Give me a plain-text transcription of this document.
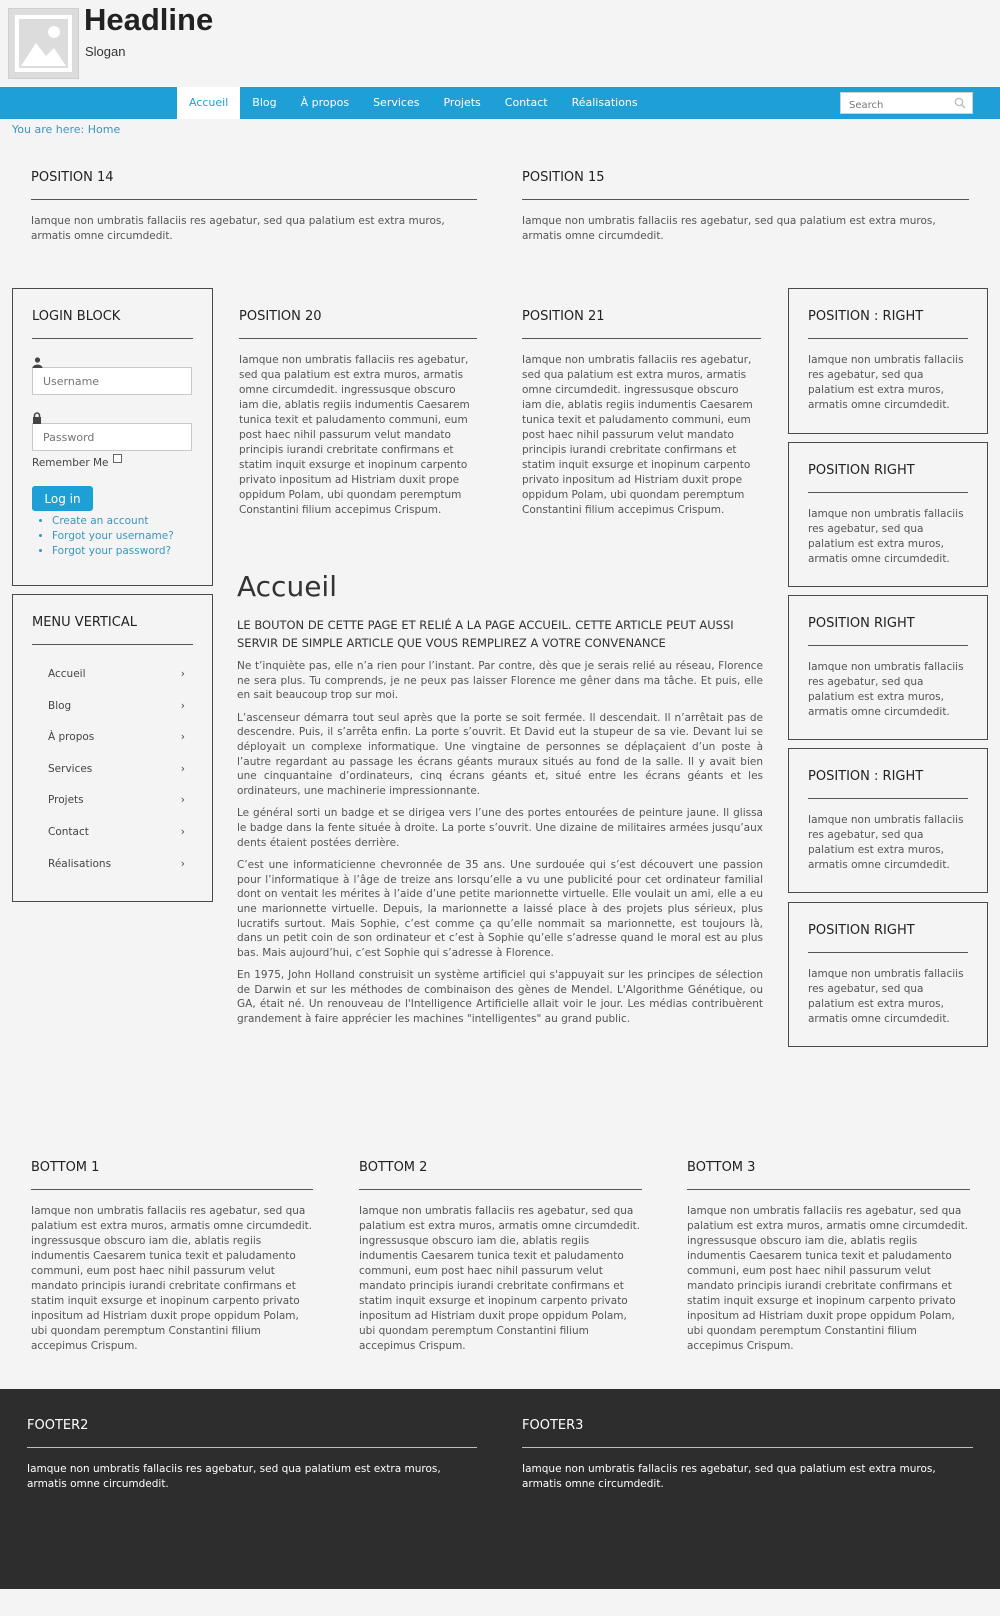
Headline
Slogan
Accueil	Blog	À propos	Services	Projets	Contact	Réalisations
Search
You are here: Home
POSITION 14
Iamque non umbratis fallaciis res agebatur, sed qua palatium est extra muros, armatis omne circumdedit.
POSITION 15
Iamque non umbratis fallaciis res agebatur, sed qua palatium est extra muros, armatis omne circumdedit.
LOGIN BLOCK
Username
Remember Me
Log in
• Create an account
• Forgot your username?
• Forgot your password?
MENU VERTICAL
Accueil	›
Blog	›
À propos	›
Services	›
Projets	›
Contact	›
Réalisations	›
POSITION 20
Iamque non umbratis fallaciis res agebatur, sed qua palatium est extra muros, armatis omne circumdedit. ingressusque obscuro iam die, ablatis regiis indumentis Caesarem tunica texit et paludamento communi, eum post haec nihil passurum velut mandato principis iurandi crebritate confirmans et statim inquit exsurge et inopinum carpento privato inpositum ad Histriam duxit prope oppidum Polam, ubi quondam peremptum Constantini filium accepimus Crispum.
POSITION 21
Iamque non umbratis fallaciis res agebatur, sed qua palatium est extra muros, armatis omne circumdedit. ingressusque obscuro iam die, ablatis regiis indumentis Caesarem tunica texit et paludamento communi, eum post haec nihil passurum velut mandato principis iurandi crebritate confirmans et statim inquit exsurge et inopinum carpento privato inpositum ad Histriam duxit prope oppidum Polam, ubi quondam peremptum Constantini filium accepimus Crispum.
Accueil
LE BOUTON DE CETTE PAGE ET RELIÉ A LA PAGE ACCUEIL. CETTE ARTICLE PEUT AUSSI SERVIR DE SIMPLE ARTICLE QUE VOUS REMPLIREZ A VOTRE CONVENANCE

Ne t’inquiète pas, elle n’a rien pour l’instant. Par contre, dès que je serais relié au réseau, Florence ne sera plus. Tu comprends, je ne peux pas laisser Florence me gêner dans ma tâche. Et puis, elle en sait beaucoup trop sur moi.

L’ascenseur démarra tout seul après que la porte se soit fermée. Il descendait. Il n’arrêtait pas de descendre. Puis, il s’arrêta enfin. La porte s’ouvrit. Et David eut la stupeur de sa vie. Devant lui se déployait un complexe informatique. Une vingtaine de personnes se déplaçaient d’un poste à l’autre regardant au passage les écrans géants muraux situés au fond de la salle. Il y avait bien une cinquantaine d’ordinateurs, cinq écrans géants et, situé entre les écrans géants et les ordinateurs, une machinerie impressionnante.

Le général sorti un badge et se dirigea vers l’une des portes entourées de peinture jaune. Il glissa le badge dans la fente située à droite. La porte s’ouvrit. Une dizaine de militaires armées jusqu’aux dents étaient postées derrière.

C’est une informaticienne chevronnée de 35 ans. Une surdouée qui s’est découvert une passion pour l’informatique à l’âge de treize ans lorsqu’elle a vu une publicité pour cet ordinateur familial dont on ventait les mérites à l’aide d’une petite marionnette virtuelle. Elle voulait un ami, elle a eu une marionnette virtuelle. Depuis, la marionnette a laissé place à des projets plus sérieux, plus lucratifs surtout. Mais Sophie, c’est comme ça qu’elle nommait sa marionnette, est toujours là, dans un petit coin de son ordinateur et c’est à Sophie qu’elle s’adresse quand le moral est au plus bas. Mais aujourd’hui, c’est Sophie qui s’adresse à Florence.

En 1975, John Holland construisit un système artificiel qui s'appuyait sur les principes de sélection de Darwin et sur les méthodes de combinaison des gènes de Mendel. L'Algorithme Génétique, ou GA, était né. Un renouveau de l'Intelligence Artificielle allait voir le jour. Les médias contribuèrent grandement à faire apprécier les machines "intelligentes" au grand public.

POSITION : RIGHT
Iamque non umbratis fallaciis res agebatur, sed qua palatium est extra muros, armatis omne circumdedit.
POSITION RIGHT
Iamque non umbratis fallaciis res agebatur, sed qua palatium est extra muros, armatis omne circumdedit.
POSITION RIGHT
Iamque non umbratis fallaciis res agebatur, sed qua palatium est extra muros, armatis omne circumdedit.
POSITION : RIGHT
Iamque non umbratis fallaciis res agebatur, sed qua palatium est extra muros, armatis omne circumdedit.
POSITION RIGHT
Iamque non umbratis fallaciis res agebatur, sed qua palatium est extra muros, armatis omne circumdedit.
BOTTOM 1
Iamque non umbratis fallaciis res agebatur, sed qua palatium est extra muros, armatis omne circumdedit. ingressusque obscuro iam die, ablatis regiis indumentis Caesarem tunica texit et paludamento communi, eum post haec nihil passurum velut mandato principis iurandi crebritate confirmans et statim inquit exsurge et inopinum carpento privato inpositum ad Histriam duxit prope oppidum Polam, ubi quondam peremptum Constantini filium accepimus Crispum.
BOTTOM 2
Iamque non umbratis fallaciis res agebatur, sed qua palatium est extra muros, armatis omne circumdedit. ingressusque obscuro iam die, ablatis regiis indumentis Caesarem tunica texit et paludamento communi, eum post haec nihil passurum velut mandato principis iurandi crebritate confirmans et statim inquit exsurge et inopinum carpento privato inpositum ad Histriam duxit prope oppidum Polam, ubi quondam peremptum Constantini filium accepimus Crispum.
BOTTOM 3
Iamque non umbratis fallaciis res agebatur, sed qua palatium est extra muros, armatis omne circumdedit. ingressusque obscuro iam die, ablatis regiis indumentis Caesarem tunica texit et paludamento communi, eum post haec nihil passurum velut mandato principis iurandi crebritate confirmans et statim inquit exsurge et inopinum carpento privato inpositum ad Histriam duxit prope oppidum Polam, ubi quondam peremptum Constantini filium accepimus Crispum.
FOOTER2
Iamque non umbratis fallaciis res agebatur, sed qua palatium est extra muros, armatis omne circumdedit.
FOOTER3
Iamque non umbratis fallaciis res agebatur, sed qua palatium est extra muros, armatis omne circumdedit.
